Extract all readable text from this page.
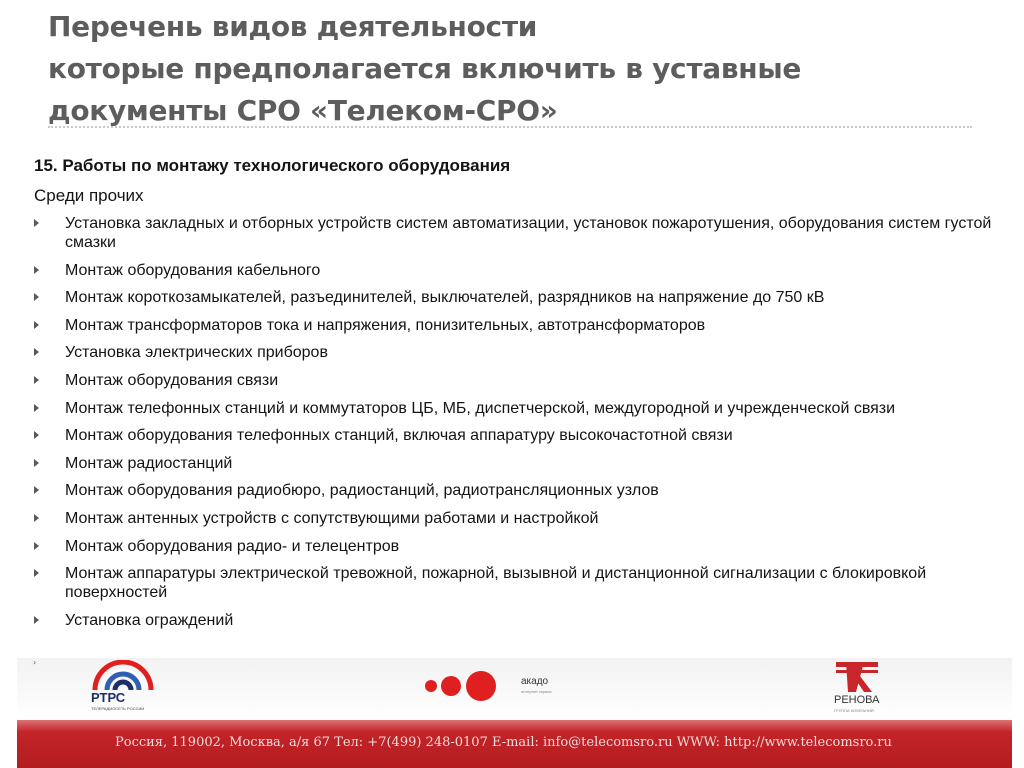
Перечень видов деятельности
которые предполагается включить в уставные
документы СРО «Телеком-СРО»
15. Работы по монтажу технологического оборудования
Среди прочих
Установка закладных и отборных устройств систем автоматизации, установок пожаротушения, оборудования систем густой смазки
Монтаж оборудования кабельного
Монтаж короткозамыкателей, разъединителей, выключателей, разрядников на напряжение до 750 кВ
Монтаж трансформаторов тока и напряжения, понизительных, автотрансформаторов
Установка электрических приборов
Монтаж оборудования связи
Монтаж телефонных станций и коммутаторов ЦБ, МБ, диспетчерской, междугородной и учрежденческой связи
Монтаж оборудования телефонных станций, включая аппаратуру высокочастотной связи
Монтаж радиостанций
Монтаж оборудования радиобюро, радиостанций, радиотрансляционных узлов
Монтаж антенных устройств с сопутствующими работами и настройкой
Монтаж оборудования радио- и телецентров
Монтаж аппаратуры электрической тревожной, пожарной, вызывной и дистанционной сигнализации с блокировкой поверхностей
Установка ограждений
›
РТРС
ТЕЛЕРАДИОСЕТЬ РОССИИ
акадо
интернет сервис
РЕНОВА
ГРУППА КОМПАНИЙ
Россия, 119002, Москва, а/я 67 Тел: +7(499) 248-0107 E-mail: info@telecomsro.ru WWW: http://www.telecomsro.ru
